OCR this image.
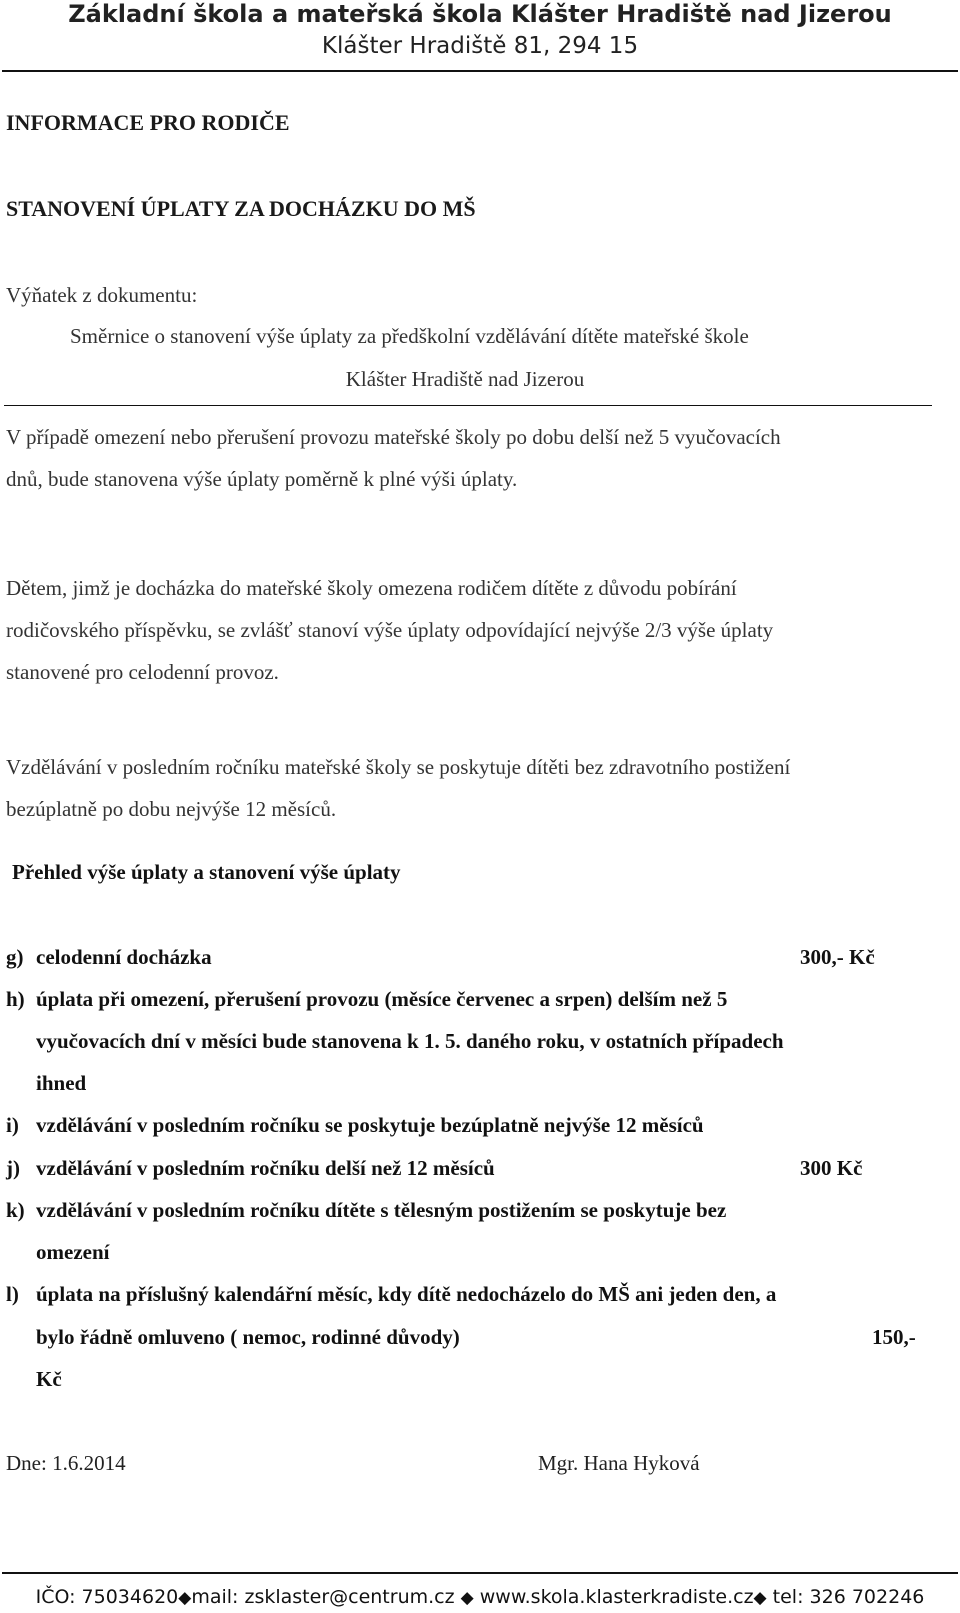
Základní škola a mateřská škola Klášter Hradiště nad Jizerou
Klášter Hradiště 81, 294 15
INFORMACE PRO RODIČE
STANOVENÍ ÚPLATY ZA DOCHÁZKU DO MŠ
Výňatek z dokumentu:
Směrnice o stanovení výše úplaty za předškolní vzdělávání dítěte mateřské škole
Klášter Hradiště nad Jizerou
V případě omezení nebo přerušení provozu mateřské školy po dobu delší než 5 vyučovacích
dnů, bude stanovena výše úplaty poměrně k plné výši úplaty.
Dětem, jimž je docházka do mateřské školy omezena rodičem dítěte z důvodu pobírání
rodičovského příspěvku, se zvlášť stanoví výše úplaty odpovídající nejvýše 2/3 výše úplaty
stanovené pro celodenní provoz.
Vzdělávání v posledním ročníku mateřské školy se poskytuje dítěti bez zdravotního postižení
bezúplatně po dobu nejvýše 12 měsíců.
Přehled výše úplaty a stanovení výše úplaty
g) celodenní docházka	300,- Kč
h) úplata při omezení, přerušení provozu (měsíce červenec a srpen) delším než 5
vyučovacích dní v měsíci bude stanovena k 1. 5. daného roku, v ostatních případech
ihned
i) vzdělávání v posledním ročníku se poskytuje bezúplatně nejvýše 12 měsíců
j) vzdělávání v posledním ročníku delší než 12 měsíců	300 Kč
k) vzdělávání v posledním ročníku dítěte s tělesným postižením se poskytuje bez
omezení
l) úplata na příslušný kalendářní měsíc, kdy dítě nedocházelo do MŠ ani jeden den, a
bylo řádně omluveno ( nemoc, rodinné důvody)	150,-
Kč
Dne: 1.6.2014	Mgr. Hana Hyková
IČO: 75034620◆mail: zsklaster@centrum.cz ◆ www.skola.klasterkradiste.cz◆ tel: 326 702246
